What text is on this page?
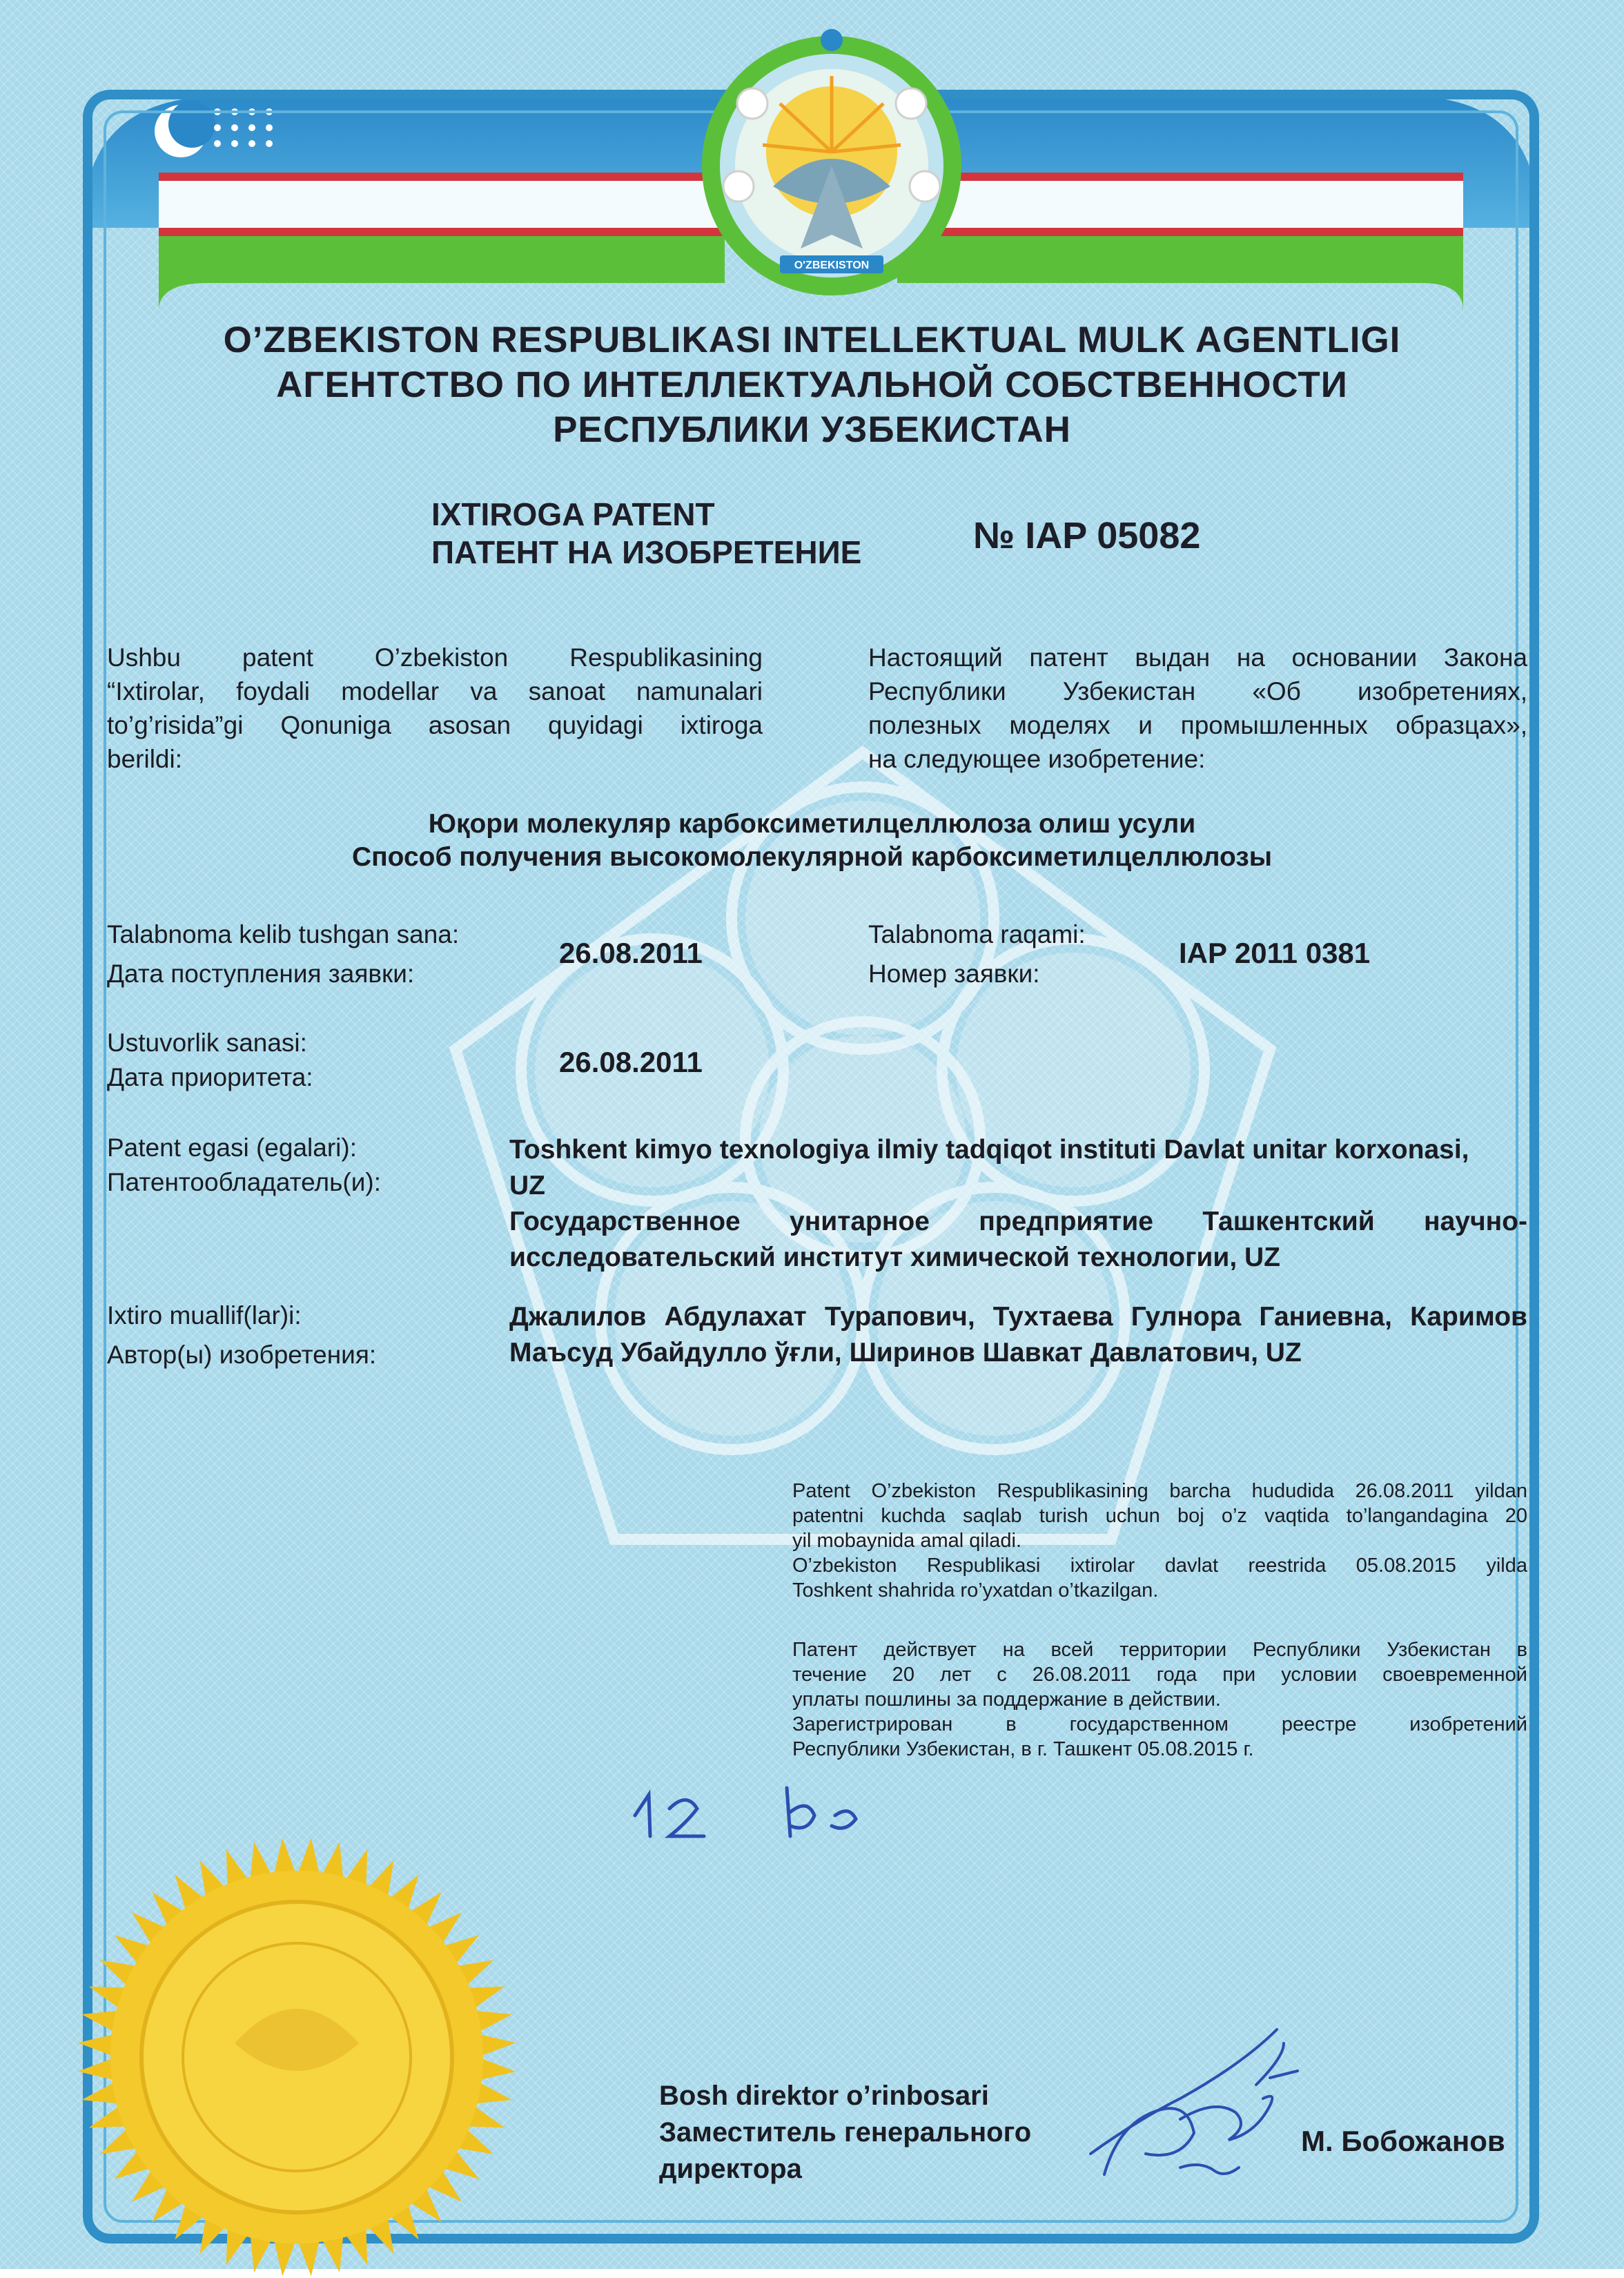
O'ZBEKISTON

O’ZBEKISTON RESPUBLIKASI INTELLEKTUAL MULK AGENTLIGI

АГЕНТСТВО ПО ИНТЕЛЛЕКТУАЛЬНОЙ СОБСТВЕННОСТИ

РЕСПУБЛИКИ УЗБЕКИСТАН

IXTIROGA PATENT

ПАТЕНТ НА ИЗОБРЕТЕНИЕ	№ IAP 05082

Ushbu patent O’zbekiston Respublikasining
“Ixtirolar, foydali modellar va sanoat namunalari
to’g’risida”gi Qonuniga asosan quyidagi ixtiroga
berildi:
Настоящий патент выдан на основании Закона
Республики Узбекистан «Об изобретениях,
полезных моделях и промышленных образцах»,
на следующее изобретение:

Юқори молекуляр карбоксиметилцеллюлоза олиш усули

Способ получения высокомолекулярной карбоксиметилцеллюлозы

Talabnoma kelib tushgan sana:

Дата поступления заявки:

26.08.2011

Talabnoma raqami:

Номер заявки:

IAP 2011 0381

Ustuvorlik sanasi:

Дата приоритета:	26.08.2011

Patent egasi (egalari):

Патентообладатель(и):

Toshkent kimyo texnologiya ilmiy tadqiqot instituti Davlat unitar korxonasi,
UZ
Государственное унитарное предприятие Ташкентский научно-
исследовательский институт химической технологии, UZ

Ixtiro muallif(lar)i:

Автор(ы) изобретения:

Джалилов Абдулахат Турапович, Тухтаева Гулнора Ганиевна, Каримов
Маъсуд Убайдулло ўғли, Ширинов Шавкат Давлатович, UZ
Patent O’zbekiston Respublikasining barcha hududida 26.08.2011 yildan
patentni kuchda saqlab turish uchun boj o’z vaqtida to’langandagina 20
yil mobaynida amal qiladi.
O’zbekiston Respublikasi ixtirolar davlat reestrida 05.08.2015 yilda
Toshkent shahrida ro’yxatdan o’tkazilgan.
Патент действует на всей территории Республики Узбекистан в
течение 20 лет с 26.08.2011 года при условии своевременной
уплаты пошлины за поддержание в действии.
Зарегистрирован в государственном реестре изобретений
Республики Узбекистан, в г. Ташкент 05.08.2015 г.
Bosh direktor o’rinbosari
Заместитель генерального
директора

М. Бобожанов
